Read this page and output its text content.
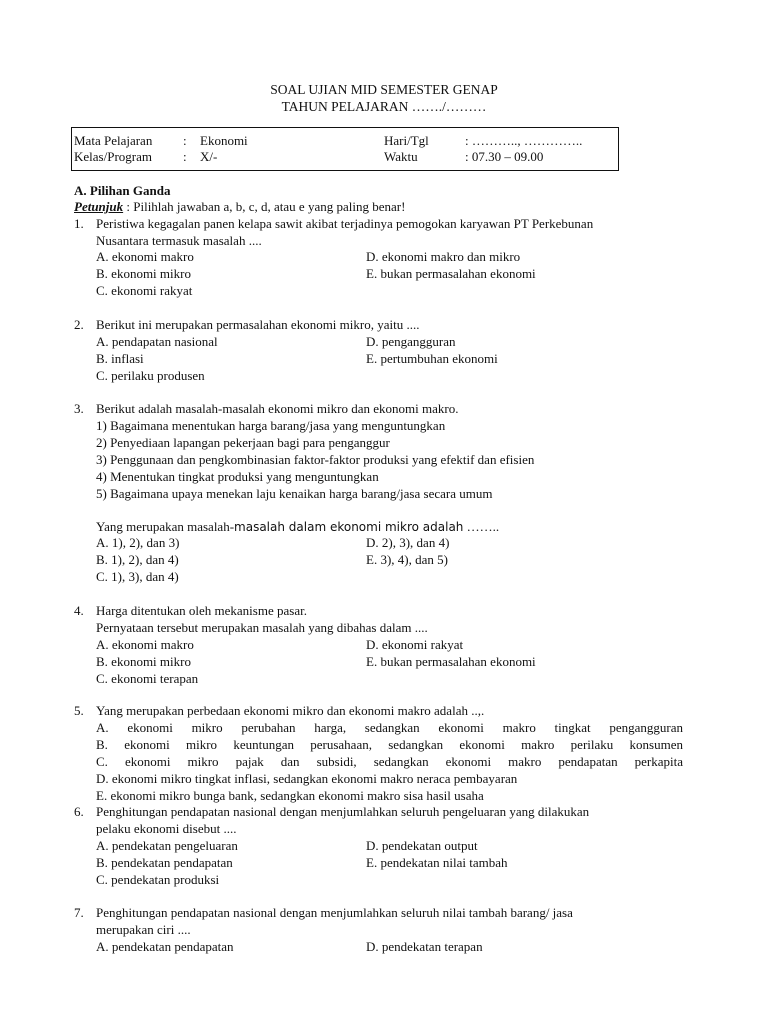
SOAL UJIAN MID SEMESTER GENAP
TAHUN PELAJARAN ……./………
Mata Pelajaran : Ekonomi
Kelas/Program : X/-
Hari/Tgl	: ……….., …………..
Waktu	: 07.30 – 09.00
A. Pilihan Ganda
Petunjuk : Pilihlah jawaban a, b, c, d, atau e yang paling benar!
1. Peristiwa kegagalan panen kelapa sawit akibat terjadinya pemogokan karyawan PT Perkebunan
Nusantara termasuk masalah ....
A. ekonomi makro
B. ekonomi mikro
C. ekonomi rakyat
D. ekonomi makro dan mikro
E. bukan permasalahan ekonomi
2. Berikut ini merupakan permasalahan ekonomi mikro, yaitu ....
A. pendapatan nasional
B. inflasi
C. perilaku produsen
D. pengangguran
E. pertumbuhan ekonomi
3. Berikut adalah masalah-masalah ekonomi mikro dan ekonomi makro.
1) Bagaimana menentukan harga barang/jasa yang menguntungkan
2) Penyediaan lapangan pekerjaan bagi para penganggur
3) Penggunaan dan pengkombinasian faktor-faktor produksi yang efektif dan efisien
4) Menentukan tingkat produksi yang menguntungkan
5) Bagaimana upaya menekan laju kenaikan harga barang/jasa secara umum
Yang merupakan masalah-masalah dalam ekonomi mikro adalah ……..
A. 1), 2), dan 3)
B. 1), 2), dan 4)
C. 1), 3), dan 4)
D. 2), 3), dan 4)
E. 3), 4), dan 5)
4. Harga ditentukan oleh mekanisme pasar.
Pernyataan tersebut merupakan masalah yang dibahas dalam ....
A. ekonomi makro
B. ekonomi mikro
C. ekonomi terapan
D. ekonomi rakyat
E. bukan permasalahan ekonomi
5. Yang merupakan perbedaan ekonomi mikro dan ekonomi makro adalah ..,.
A. ekonomi mikro perubahan harga, sedangkan ekonomi makro tingkat pengangguran
B. ekonomi mikro keuntungan perusahaan, sedangkan ekonomi makro perilaku konsumen
C. ekonomi mikro pajak dan subsidi, sedangkan ekonomi makro pendapatan perkapita
D. ekonomi mikro tingkat inflasi, sedangkan ekonomi makro neraca pembayaran
E. ekonomi mikro bunga bank, sedangkan ekonomi makro sisa hasil usaha
6. Penghitungan pendapatan nasional dengan menjumlahkan seluruh pengeluaran yang dilakukan
pelaku ekonomi disebut ....
A. pendekatan pengeluaran
B. pendekatan pendapatan
C. pendekatan produksi
D. pendekatan output
E. pendekatan nilai tambah
7. Penghitungan pendapatan nasional dengan menjumlahkan seluruh nilai tambah barang/ jasa
merupakan ciri ....
A. pendekatan pendapatan	D. pendekatan terapan
